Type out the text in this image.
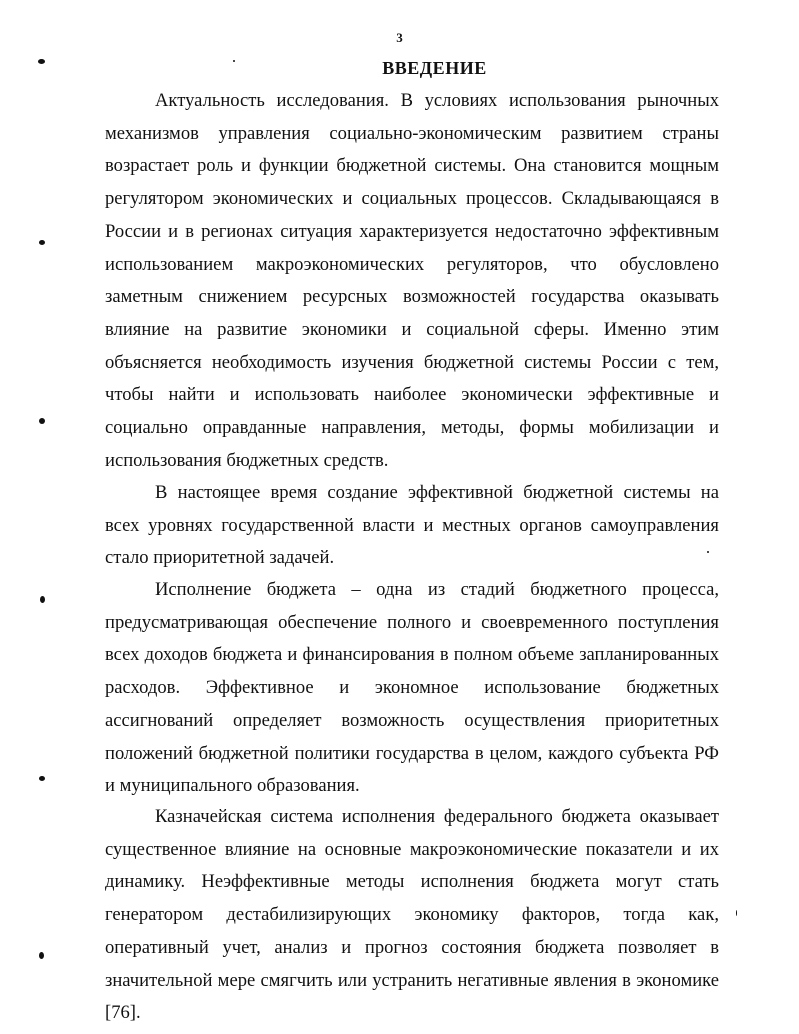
3
ВВЕДЕНИЕ

Актуальность исследования. В условиях использования рыночных механизмов управления социально-экономическим развитием страны возрастает роль и функции бюджетной системы. Она становится мощным регулятором экономических и социальных процессов. Складывающаяся в России и в регионах ситуация характеризуется недостаточно эффективным использованием макроэкономических регуляторов, что обусловлено заметным снижением ресурсных возможностей государства оказывать влияние на развитие экономики и социальной сферы. Именно этим объясняется необходимость изучения бюджетной системы России с тем, чтобы найти и использовать наиболее экономически эффективные и социально оправданные направления, методы, формы мобилизации и использования бюджетных средств.

В настоящее время создание эффективной бюджетной системы на всех уровнях государственной власти и местных органов самоуправления стало приоритетной задачей.

Исполнение бюджета – одна из стадий бюджетного процесса, предусматривающая обеспечение полного и своевременного поступления всех доходов бюджета и финансирования в полном объеме запланированных расходов. Эффективное и экономное использование бюджетных ассигнований определяет возможность осуществления приоритетных положений бюджетной политики государства в целом, каждого субъекта РФ и муниципального образования.

Казначейская система исполнения федерального бюджета оказывает существенное влияние на основные макроэкономические показатели и их динамику. Неэффективные методы исполнения бюджета могут стать генератором дестабилизирующих экономику факторов, тогда как, оперативный учет, анализ и прогноз состояния бюджета позволяет в значительной мере смягчить или устранить негативные явления в экономике [76].
